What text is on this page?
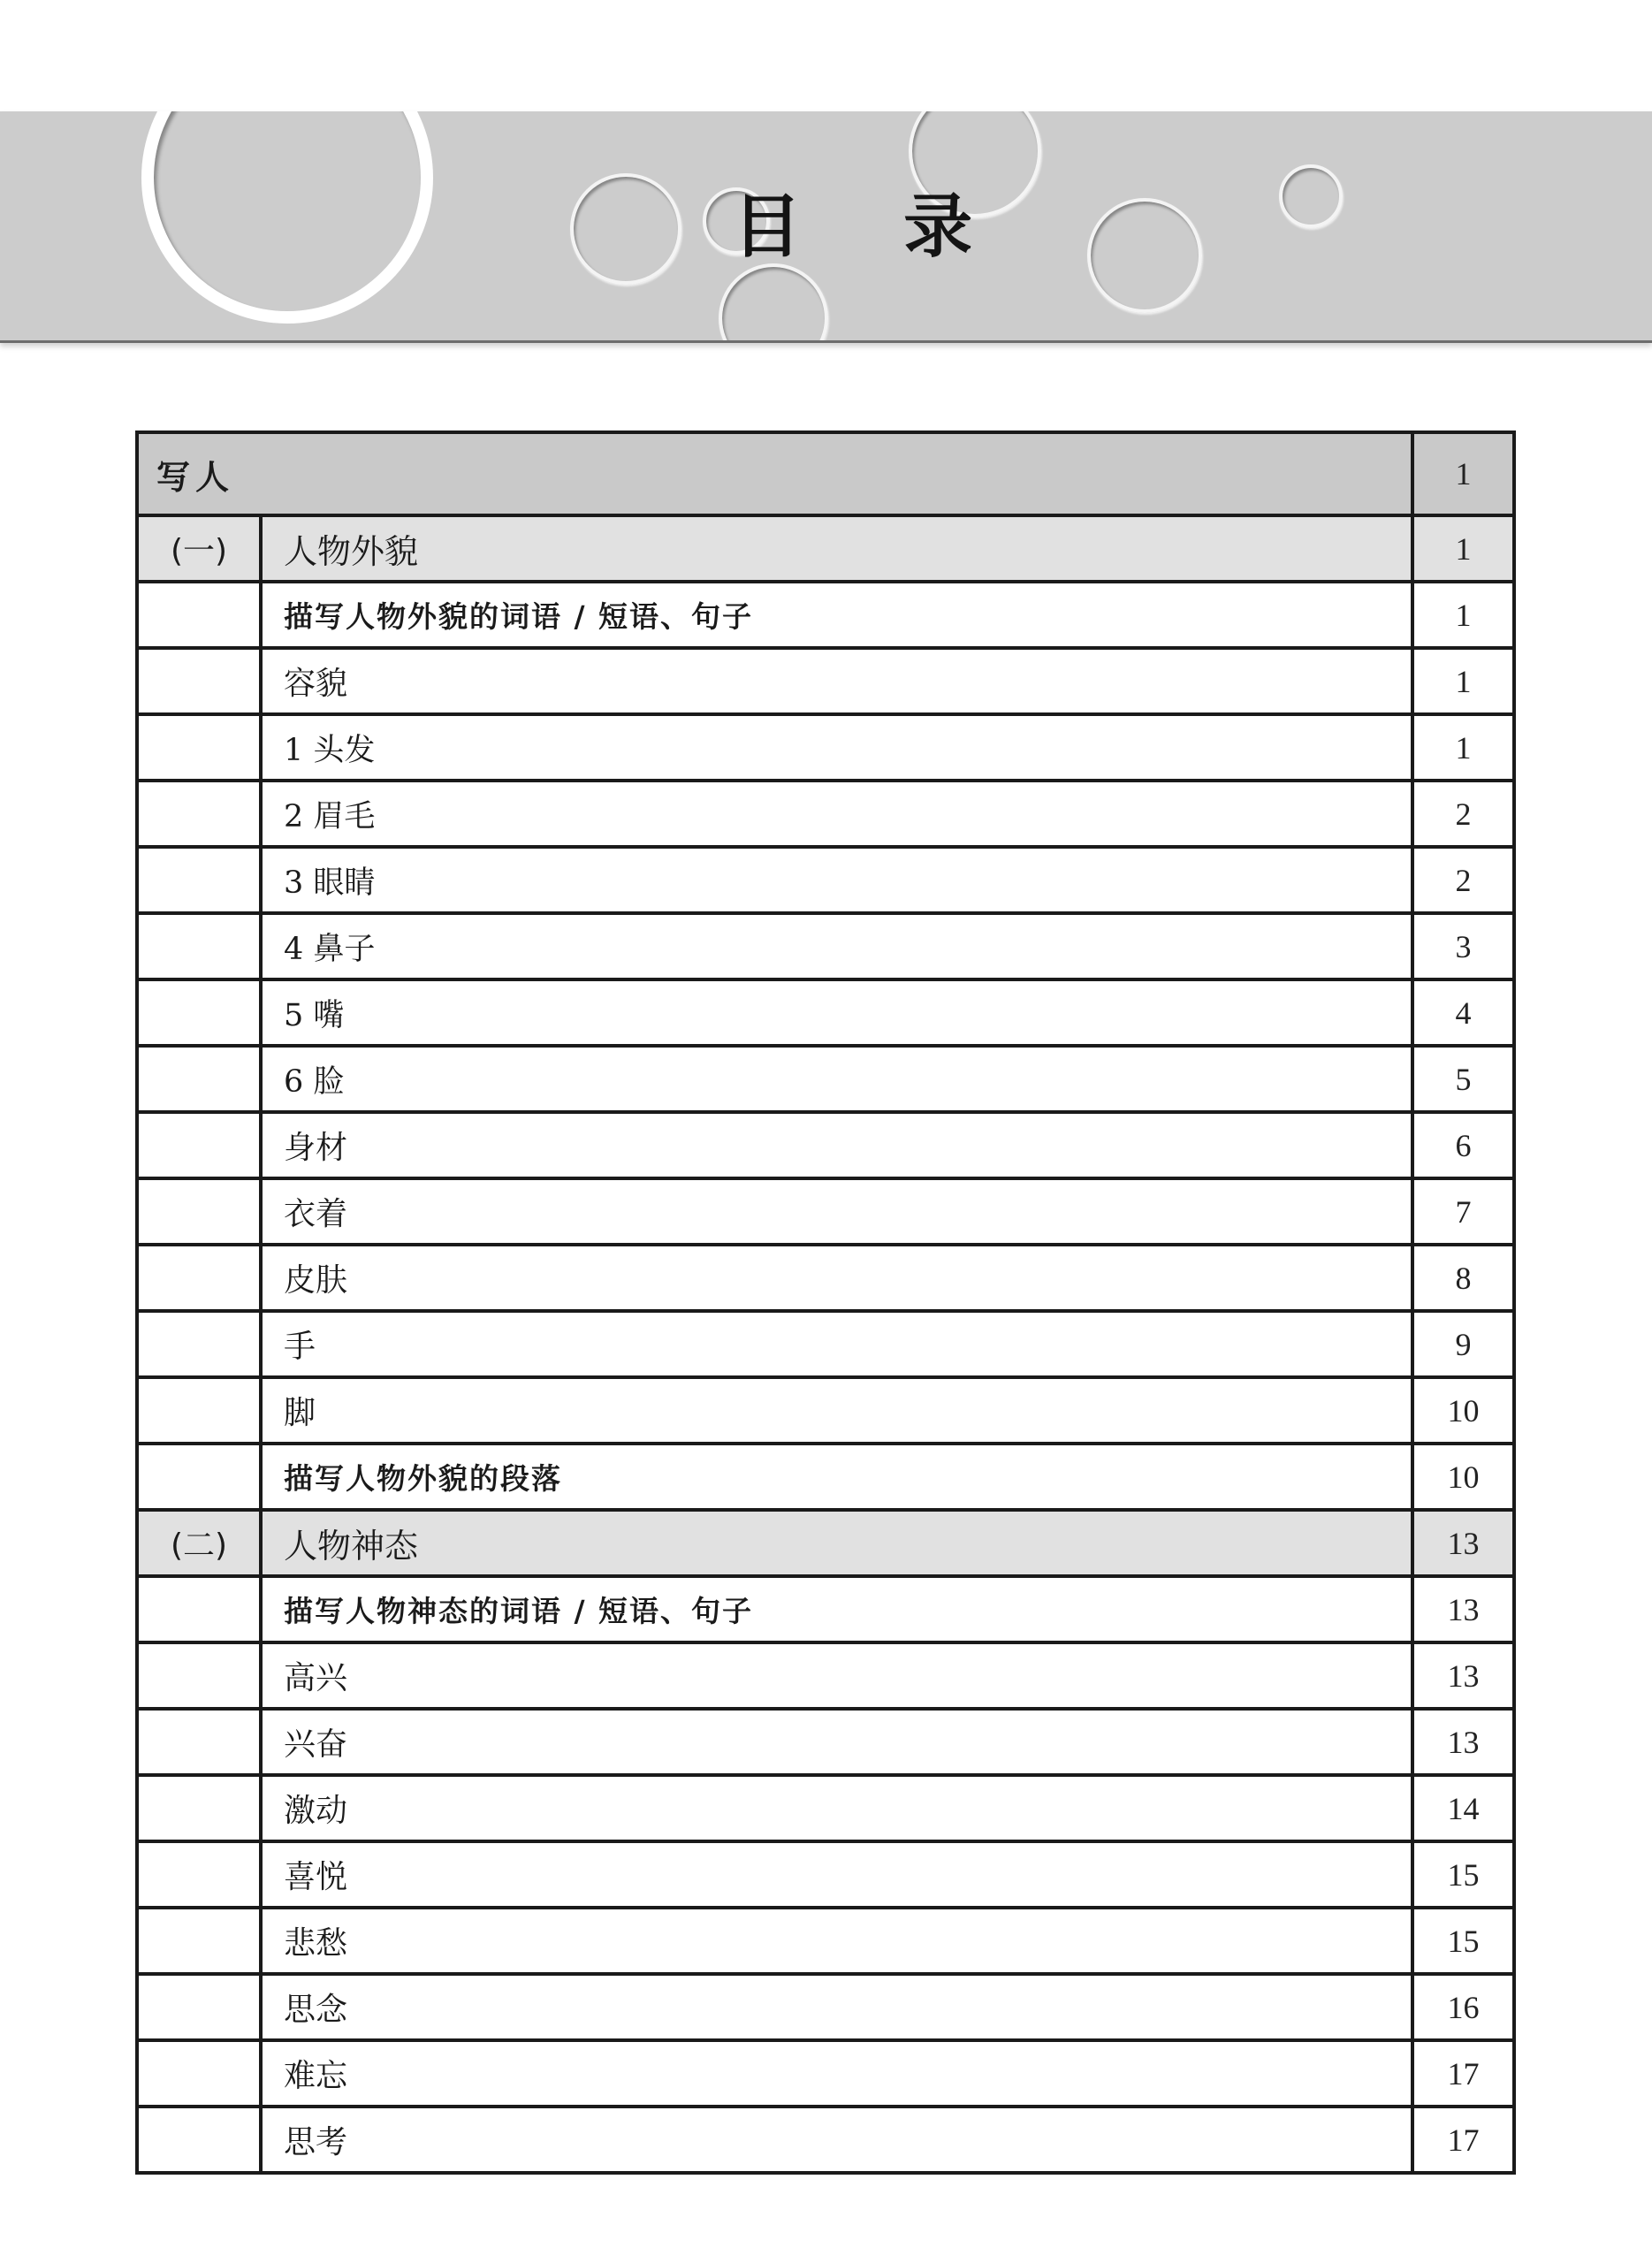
目 录
写人		1
(一)	人物外貌	1
	描写人物外貌的词语 / 短语、句子	1
	容貌	1
	1 头发	1
	2 眉毛	2
	3 眼睛	2
	4 鼻子	3
	5 嘴	4
	6 脸	5
	身材	6
	衣着	7
	皮肤	8
	手	9
	脚	10
	描写人物外貌的段落	10
(二)	人物神态	13
	描写人物神态的词语 / 短语、句子	13
	高兴	13
	兴奋	13
	激动	14
	喜悦	15
	悲愁	15
	思念	16
	难忘	17
	思考	17
